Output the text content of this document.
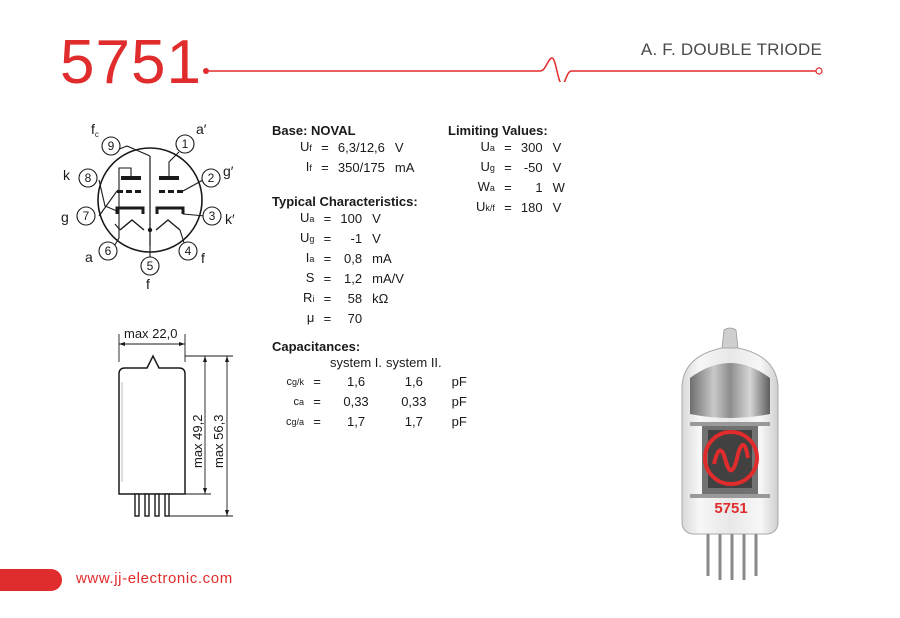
5751	A. F. DOUBLE TRIODE
1
2
3
4
5
6
7
8
9
a′
g′
k′
f
f
a
g
k
$f_c$
max 22,0
max 49,2 max 56,3
Base: NOVAL
Uf	=	6,3/12,6	V
If	=	350/175	mA
Typical Characteristics:
Ua	=	100	V
Ug	=	-1	V
Ia	=	0,8	mA
S	=	1,2	mA/V
Ri	=	58	kΩ
μ	=	70	
Limiting Values:
Ua	=	300	V
Ug	=	-50	V
Wa	=	1	W
Uk/f	=	180	V
Capacitances:
		system I.	system II.	
cg/k	=	1,6	1,6	pF
ca	=	0,33	0,33	pF
cg/a	=	1,7	1,7	pF
5751
www.jj-electronic.com
